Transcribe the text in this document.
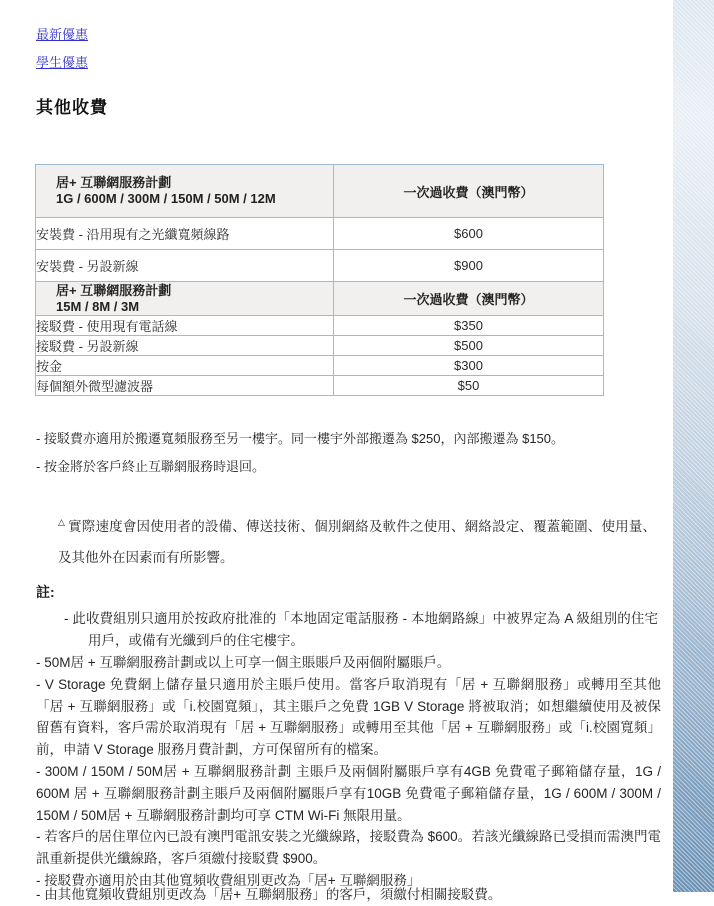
最新優惠
學生優惠
其他收費
居+ 互聯網服務計劃
1G / 600M / 300M / 150M / 50M / 12M	一次過收費（澳門幣）
安裝費 - 沿用現有之光纖寬頻線路	$600
安裝費 - 另設新線	$900

居+ 互聯網服務計劃
15M / 8M / 3M	一次過收費（澳門幣）
接駁費 - 使用現有電話線	$350
接駁費 - 另設新線	$500
按金	$300
每個額外微型濾波器	$50
- 接駁費亦適用於搬遷寬頻服務至另一樓宇。同一樓宇外部搬遷為 $250，內部搬遷為 $150。
- 按金將於客戶終止互聯網服務時退回。
△ 實際速度會因使用者的設備、傳送技術、個別網絡及軟件之使用、網絡設定、覆蓋範圍、使用量、及其他外在因素而有所影響。
註:
- 此收費組別只適用於按政府批准的「本地固定電話服務 - 本地網路線」中被界定為 A 級組別的住宅用戶，或備有光纖到戶的住宅樓宇。

- 50M居 + 互聯網服務計劃或以上可享一個主賬賬戶及兩個附屬賬戶。

- V Storage 免費網上儲存量只適用於主賬戶使用。當客戶取消現有「居 + 互聯網服務」或轉用至其他「居 + 互聯網服務」或「i.校園寬頻」，其主賬戶之免費 1GB V Storage 將被取消；如想繼續使用及被保留舊有資料，客戶需於取消現有「居 + 互聯網服務」或轉用至其他「居 + 互聯網服務」或「i.校園寬頻」前，申請 V Storage 服務月費計劃，方可保留所有的檔案。

- 300M / 150M / 50M居 + 互聯網服務計劃 主賬戶及兩個附屬賬戶享有4GB 免費電子郵箱儲存量，1G / 600M 居 + 互聯網服務計劃主賬戶及兩個附屬賬戶享有10GB 免費電子郵箱儲存量，1G / 600M / 300M / 150M / 50M居 + 互聯網服務計劃均可享 CTM Wi-Fi 無限用量。

- 若客戶的居住單位內已設有澳門電訊安裝之光纖線路，接駁費為 $600。若該光纖線路已受損而需澳門電訊重新提供光纖線路，客戶須繳付接駁費 $900。

- 接駁費亦適用於由其他寬頻收費組別更改為「居+ 互聯網服務」

- 由其他寬頻收費組別更改為「居+ 互聯網服務」的客戶，須繳付相關接駁費。
